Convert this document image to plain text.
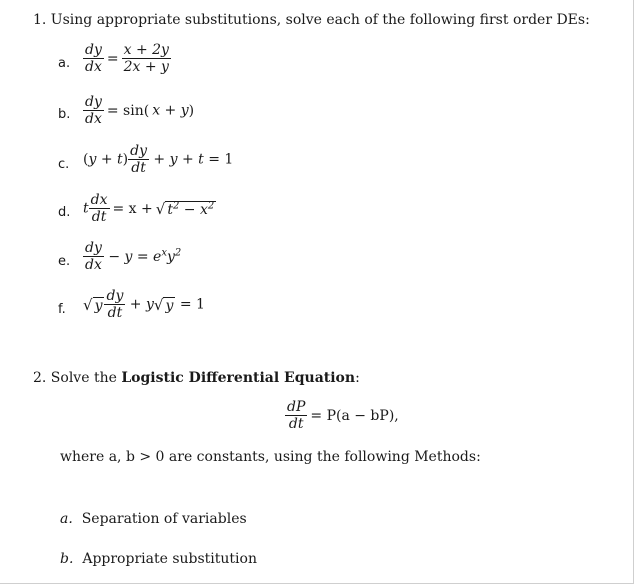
1. Using appropriate substitutions, solve each of the following first order DEs:
a. $\frac{dy}{dx} = \frac{x + 2y}{2x + y}$
b. $\frac{dy}{dx} = \sin$( x + y)
c. $(y + t) \frac{dy}{dt} + y + t = 1$
d. t $\frac{dx}{dt} = x$ + √ $t^2 - x^2$
e. $\frac{dy}{dx} - y = e^xy^2$
f. √ y $\frac{dy}{dt} + y√$ y = 1
2. Solve the Logistic Differential Equation:
$\frac{dP}{dt} = P(a - bP)$,
where a, b > 0 are constants, using the following Methods:
a. Separation of variables
b. Appropriate substitution
